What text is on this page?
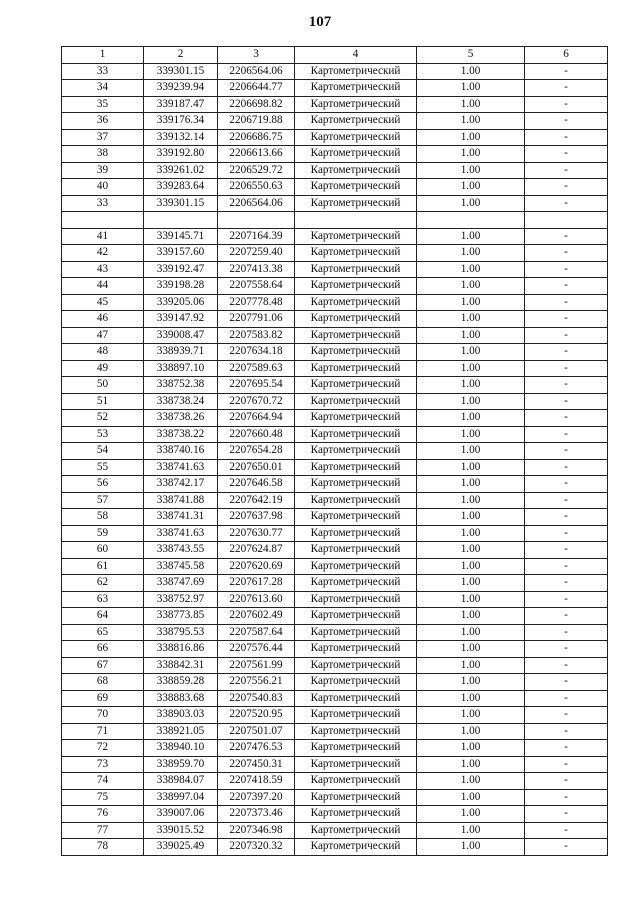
107
1	2	3	4	5	6
33	339301.15	2206564.06	Картометрический	1.00	-
34	339239.94	2206644.77	Картометрический	1.00	-
35	339187.47	2206698.82	Картометрический	1.00	-
36	339176.34	2206719.88	Картометрический	1.00	-
37	339132.14	2206686.75	Картометрический	1.00	-
38	339192.80	2206613.66	Картометрический	1.00	-
39	339261.02	2206529.72	Картометрический	1.00	-
40	339283.64	2206550.63	Картометрический	1.00	-
33	339301.15	2206564.06	Картометрический	1.00	-

41	339145.71	2207164.39	Картометрический	1.00	-
42	339157.60	2207259.40	Картометрический	1.00	-
43	339192.47	2207413.38	Картометрический	1.00	-
44	339198.28	2207558.64	Картометрический	1.00	-
45	339205.06	2207778.48	Картометрический	1.00	-
46	339147.92	2207791.06	Картометрический	1.00	-
47	339008.47	2207583.82	Картометрический	1.00	-
48	338939.71	2207634.18	Картометрический	1.00	-
49	338897.10	2207589.63	Картометрический	1.00	-
50	338752.38	2207695.54	Картометрический	1.00	-
51	338738.24	2207670.72	Картометрический	1.00	-
52	338738.26	2207664.94	Картометрический	1.00	-
53	338738.22	2207660.48	Картометрический	1.00	-
54	338740.16	2207654.28	Картометрический	1.00	-
55	338741.63	2207650.01	Картометрический	1.00	-
56	338742.17	2207646.58	Картометрический	1.00	-
57	338741.88	2207642.19	Картометрический	1.00	-
58	338741.31	2207637.98	Картометрический	1.00	-
59	338741.63	2207630.77	Картометрический	1.00	-
60	338743.55	2207624.87	Картометрический	1.00	-
61	338745.58	2207620.69	Картометрический	1.00	-
62	338747.69	2207617.28	Картометрический	1.00	-
63	338752.97	2207613.60	Картометрический	1.00	-
64	338773.85	2207602.49	Картометрический	1.00	-
65	338795.53	2207587.64	Картометрический	1.00	-
66	338816.86	2207576.44	Картометрический	1.00	-
67	338842.31	2207561.99	Картометрический	1.00	-
68	338859.28	2207556.21	Картометрический	1.00	-
69	338883.68	2207540.83	Картометрический	1.00	-
70	338903.03	2207520.95	Картометрический	1.00	-
71	338921.05	2207501.07	Картометрический	1.00	-
72	338940.10	2207476.53	Картометрический	1.00	-
73	338959.70	2207450.31	Картометрический	1.00	-
74	338984.07	2207418.59	Картометрический	1.00	-
75	338997.04	2207397.20	Картометрический	1.00	-
76	339007.06	2207373.46	Картометрический	1.00	-
77	339015.52	2207346.98	Картометрический	1.00	-
78	339025.49	2207320.32	Картометрический	1.00	-
